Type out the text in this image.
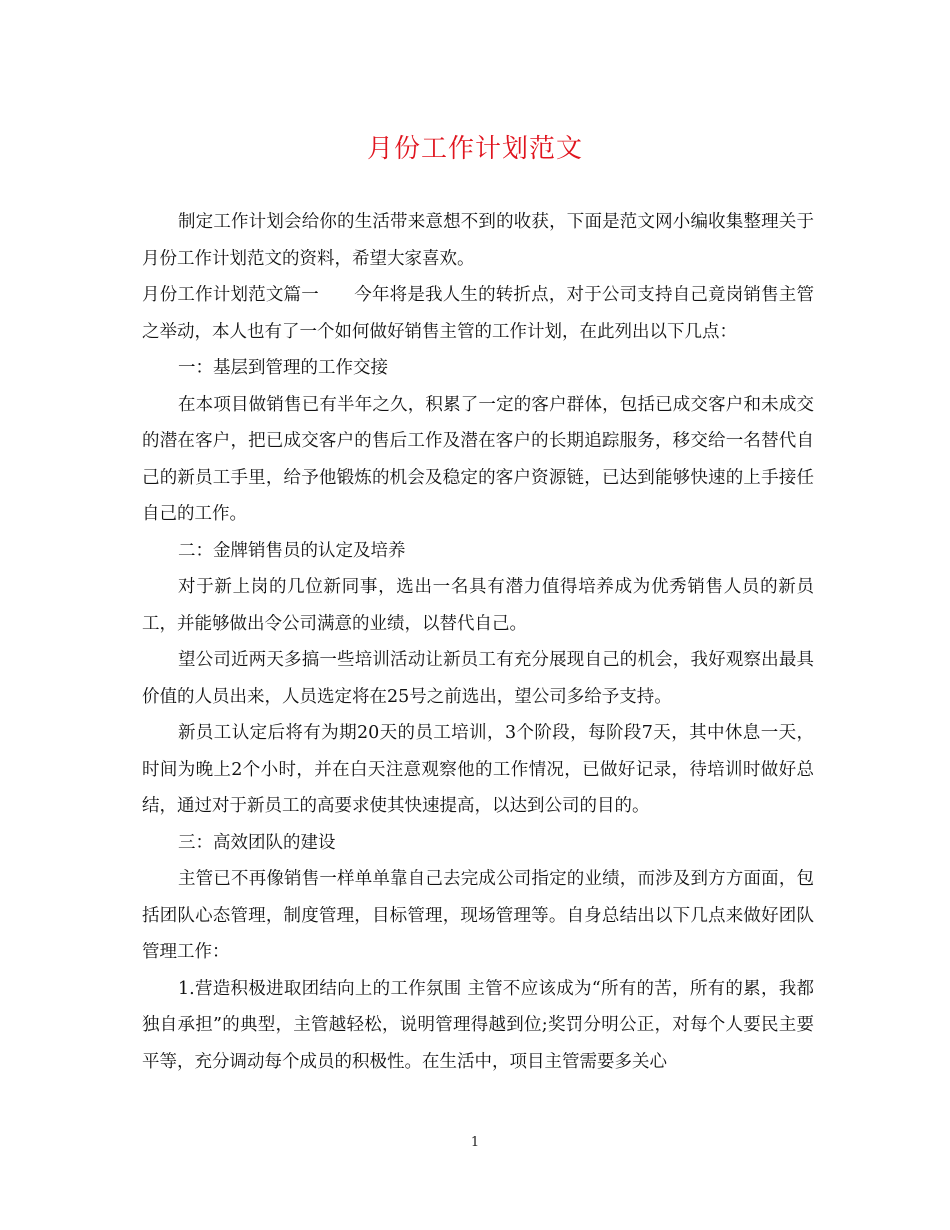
月份工作计划范文

制定工作计划会给你的生活带来意想不到的收获，下面是范文网小编收集整理关于月份工作计划范文的资料，希望大家喜欢。

月份工作计划范文篇一　　今年将是我人生的转折点，对于公司支持自己竟岗销售主管之举动，本人也有了一个如何做好销售主管的工作计划，在此列出以下几点：

一：基层到管理的工作交接

在本项目做销售已有半年之久，积累了一定的客户群体，包括已成交客户和未成交的潜在客户，把已成交客户的售后工作及潜在客户的长期追踪服务，移交给一名替代自己的新员工手里，给予他锻炼的机会及稳定的客户资源链，已达到能够快速的上手接任自己的工作。

二：金牌销售员的认定及培养

对于新上岗的几位新同事，选出一名具有潜力值得培养成为优秀销售人员的新员工，并能够做出令公司满意的业绩，以替代自己。

望公司近两天多搞一些培训活动让新员工有充分展现自己的机会，我好观察出最具价值的人员出来，人员选定将在25号之前选出，望公司多给予支持。

新员工认定后将有为期20天的员工培训，3个阶段，每阶段7天，其中休息一天，时间为晚上2个小时，并在白天注意观察他的工作情况，已做好记录，待培训时做好总结，通过对于新员工的高要求使其快速提高，以达到公司的目的。

三：高效团队的建设

主管已不再像销售一样单单靠自己去完成公司指定的业绩，而涉及到方方面面，包括团队心态管理，制度管理，目标管理，现场管理等。自身总结出以下几点来做好团队管理工作：

1.营造积极进取团结向上的工作氛围 主管不应该成为“所有的苦，所有的累，我都独自承担”的典型，主管越轻松，说明管理得越到位;奖罚分明公正，对每个人要民主要平等，充分调动每个成员的积极性。在生活中，项目主管需要多关心

1
